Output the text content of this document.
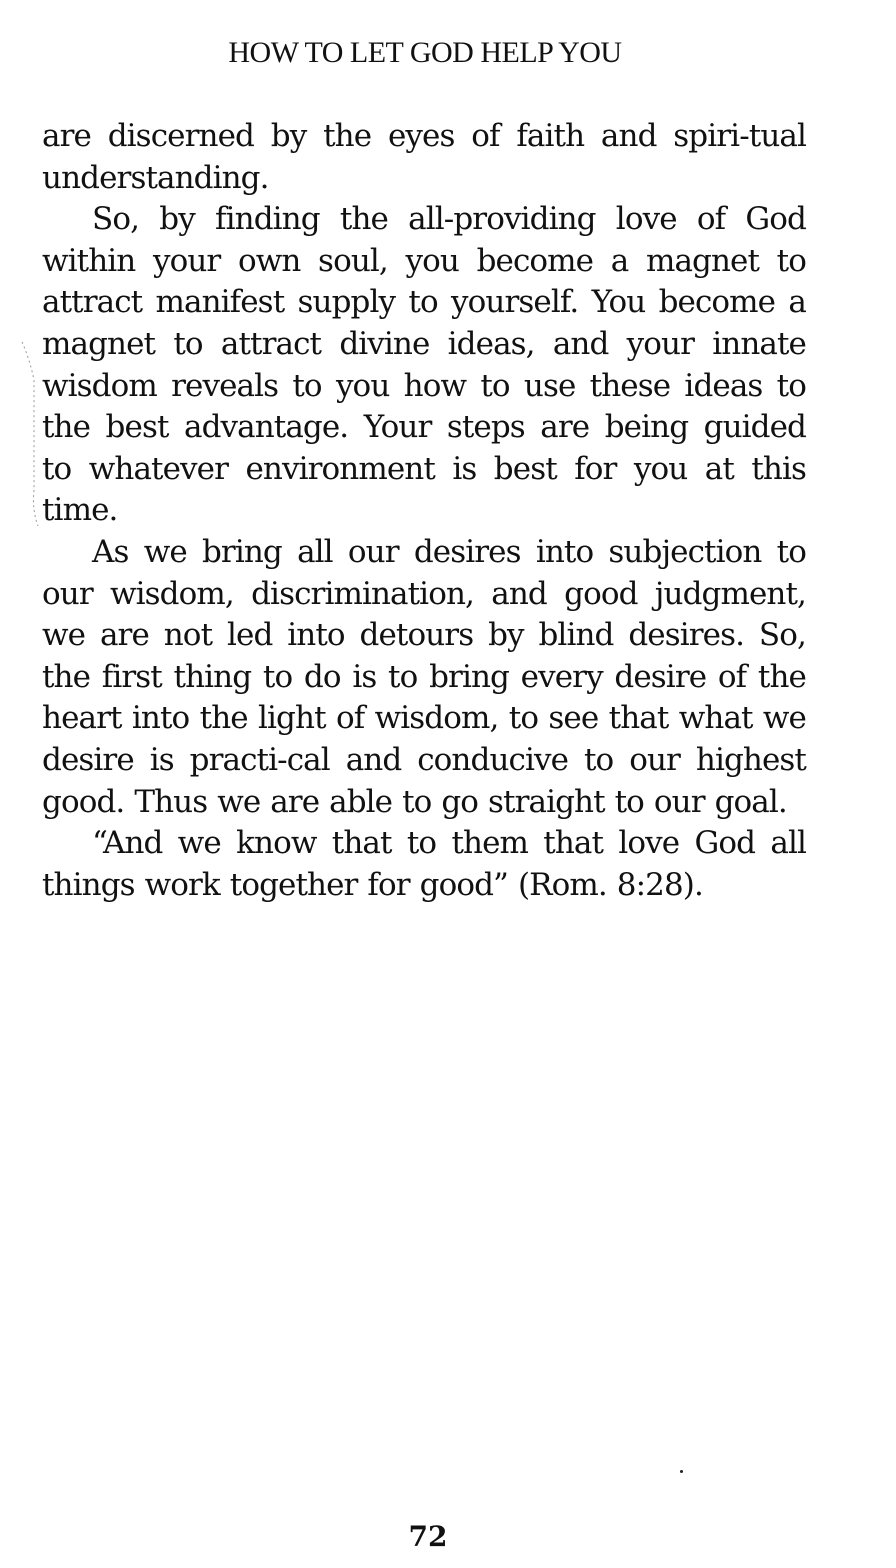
HOW TO LET GOD HELP YOU

are discerned by the eyes of faith and spiri-tual understanding.

So, by finding the all-providing love of God within your own soul, you become a magnet to attract manifest supply to yourself. You become a magnet to attract divine ideas, and your innate wisdom reveals to you how to use these ideas to the best advantage. Your steps are being guided to whatever environment is best for you at this time.

As we bring all our desires into subjection to our wisdom, discrimination, and good judgment, we are not led into detours by blind desires. So, the first thing to do is to bring every desire of the heart into the light of wisdom, to see that what we desire is practi-cal and conducive to our highest good. Thus we are able to go straight to our goal.

“And we know that to them that love God all things work together for good” (Rom. 8:28).

72
